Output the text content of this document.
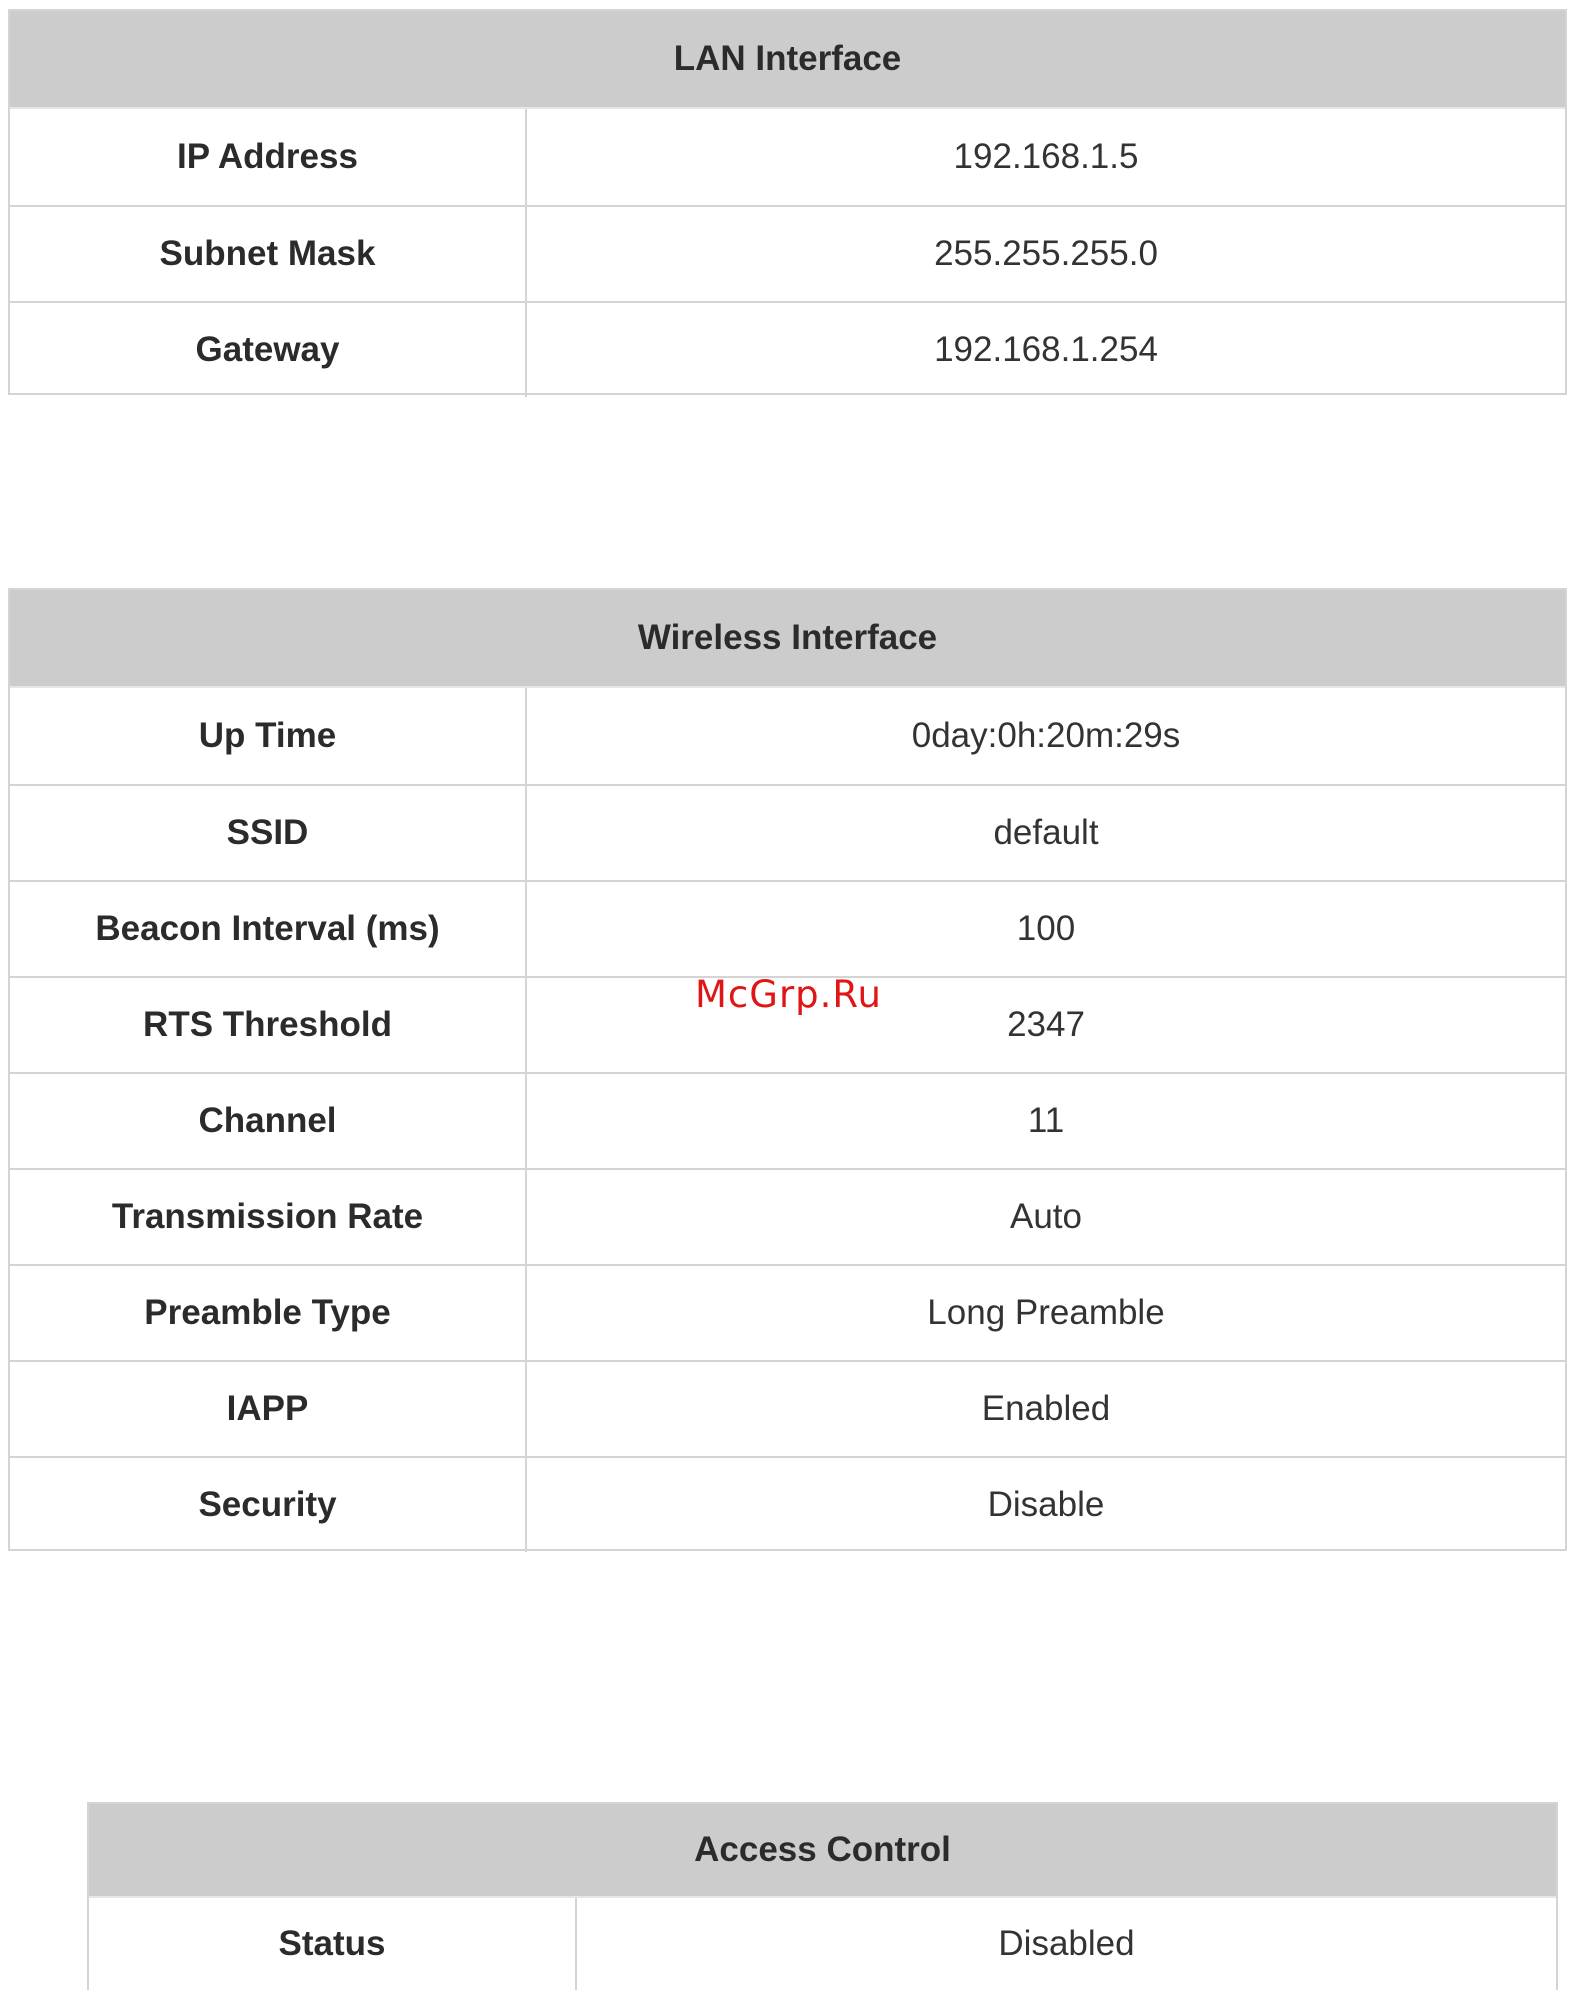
LAN Interface
IP Address	192.168.1.5
Subnet Mask	255.255.255.0
Gateway	192.168.1.254
Wireless Interface
Up Time	0day:0h:20m:29s
SSID	default
Beacon Interval (ms)	100
RTS Threshold	2347
Channel	11
Transmission Rate	Auto
Preamble Type	Long Preamble
IAPP	Enabled
Security	Disable
McGrp.Ru
Access Control
Status	Disabled
